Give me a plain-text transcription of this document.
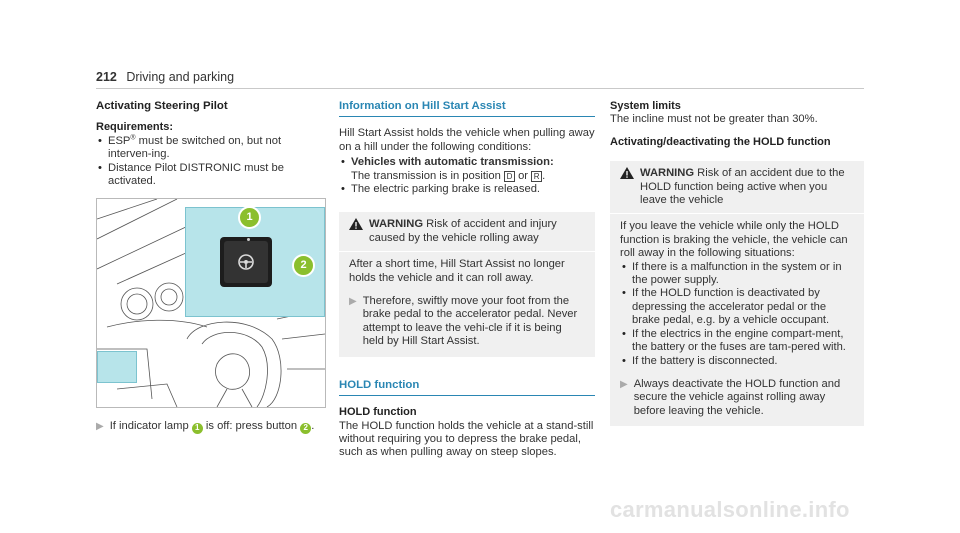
212 Driving and parking

Activating Steering Pilot

Requirements:

• ESP® must be switched on, but not interven-ing.
• Distance Pilot DISTRONIC must be activated.
1
2
▶ If indicator lamp 1 is off: press button 2 .
Information on Hill Start Assist

Hill Start Assist holds the vehicle when pulling away on a hill under the following conditions:

• Vehicles with automatic transmission:
The transmission is in position D or R .
• The electric parking brake is released.
WARNING Risk of accident and injury caused by the vehicle rolling away

After a short time, Hill Start Assist no longer holds the vehicle and it can roll away.

▶ Therefore, swiftly move your foot from the brake pedal to the accelerator pedal. Never attempt to leave the vehi-cle if it is being held by Hill Start Assist.
HOLD function

HOLD function

The HOLD function holds the vehicle at a stand-still without requiring you to depress the brake pedal, such as when pulling away on steep slopes.

System limits

The incline must not be greater than 30%.

Activating/deactivating the HOLD function

WARNING Risk of an accident due to the HOLD function being active when you leave the vehicle

If you leave the vehicle while only the HOLD function is braking the vehicle, the vehicle can roll away in the following situations:

• If there is a malfunction in the system or in the power supply.
• If the HOLD function is deactivated by depressing the accelerator pedal or the brake pedal, e.g. by a vehicle occupant.
• If the electrics in the engine compart-ment, the battery or the fuses are tam-pered with.
• If the battery is disconnected.
▶ Always deactivate the HOLD function and secure the vehicle against rolling away before leaving the vehicle.
carmanualsonline.info
